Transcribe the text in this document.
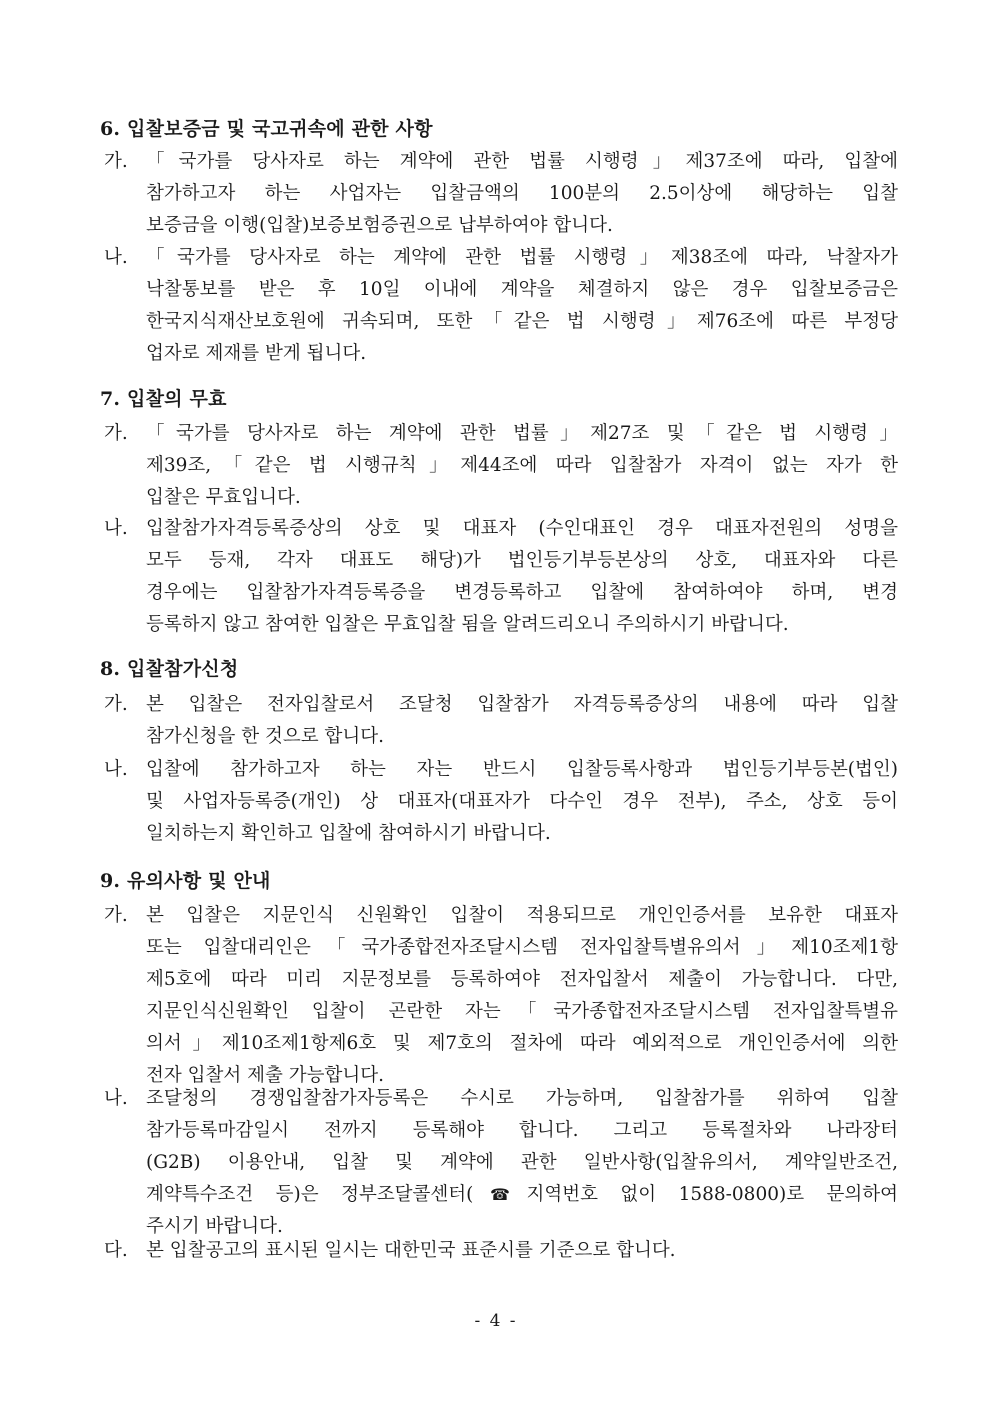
6. 입찰보증금 및 국고귀속에 관한 사항
가. 「국가를 당사자로 하는 계약에 관한 법률 시행령」제37조에 따라, 입찰에
참가하고자 하는 사업자는 입찰금액의 100분의 2.5이상에 해당하는 입찰
보증금을 이행(입찰)보증보험증권으로 납부하여야 합니다.
나. 「국가를 당사자로 하는 계약에 관한 법률 시행령」제38조에 따라, 낙찰자가
낙찰통보를 받은 후 10일 이내에 계약을 체결하지 않은 경우 입찰보증금은
한국지식재산보호원에 귀속되며, 또한「같은 법 시행령」제76조에 따른 부정당
업자로 제재를 받게 됩니다.
7. 입찰의 무효
가. 「국가를 당사자로 하는 계약에 관한 법률」제27조 및「같은 법 시행령」
제39조,「같은 법 시행규칙」제44조에 따라 입찰참가 자격이 없는 자가 한
입찰은 무효입니다.
나. 입찰참가자격등록증상의 상호 및 대표자 (수인대표인 경우 대표자전원의 성명을
모두 등재, 각자 대표도 해당)가 법인등기부등본상의 상호, 대표자와 다른
경우에는 입찰참가자격등록증을 변경등록하고 입찰에 참여하여야 하며, 변경
등록하지 않고 참여한 입찰은 무효입찰 됨을 알려드리오니 주의하시기 바랍니다.
8. 입찰참가신청
가. 본 입찰은 전자입찰로서 조달청 입찰참가 자격등록증상의 내용에 따라 입찰
참가신청을 한 것으로 합니다.
나. 입찰에 참가하고자 하는 자는 반드시 입찰등록사항과 법인등기부등본(법인)
및 사업자등록증(개인) 상 대표자(대표자가 다수인 경우 전부), 주소, 상호 등이
일치하는지 확인하고 입찰에 참여하시기 바랍니다.
9. 유의사항 및 안내
가. 본 입찰은 지문인식 신원확인 입찰이 적용되므로 개인인증서를 보유한 대표자
또는 입찰대리인은「국가종합전자조달시스템 전자입찰특별유의서」제10조제1항
제5호에 따라 미리 지문정보를 등록하여야 전자입찰서 제출이 가능합니다. 다만,
지문인식신원확인 입찰이 곤란한 자는「국가종합전자조달시스템 전자입찰특별유
의서」제10조제1항제6호 및 제7호의 절차에 따라 예외적으로 개인인증서에 의한
전자 입찰서 제출 가능합니다.
나. 조달청의 경쟁입찰참가자등록은 수시로 가능하며, 입찰참가를 위하여 입찰
참가등록마감일시 전까지 등록해야 합니다. 그리고 등록절차와 나라장터
(G2B) 이용안내, 입찰 및 계약에 관한 일반사항(입찰유의서, 계약일반조건,
계약특수조건 등)은 정부조달콜센터(☎지역번호 없이 1588-0800)로 문의하여
주시기 바랍니다.
다. 본 입찰공고의 표시된 일시는 대한민국 표준시를 기준으로 합니다.
- 4 -
